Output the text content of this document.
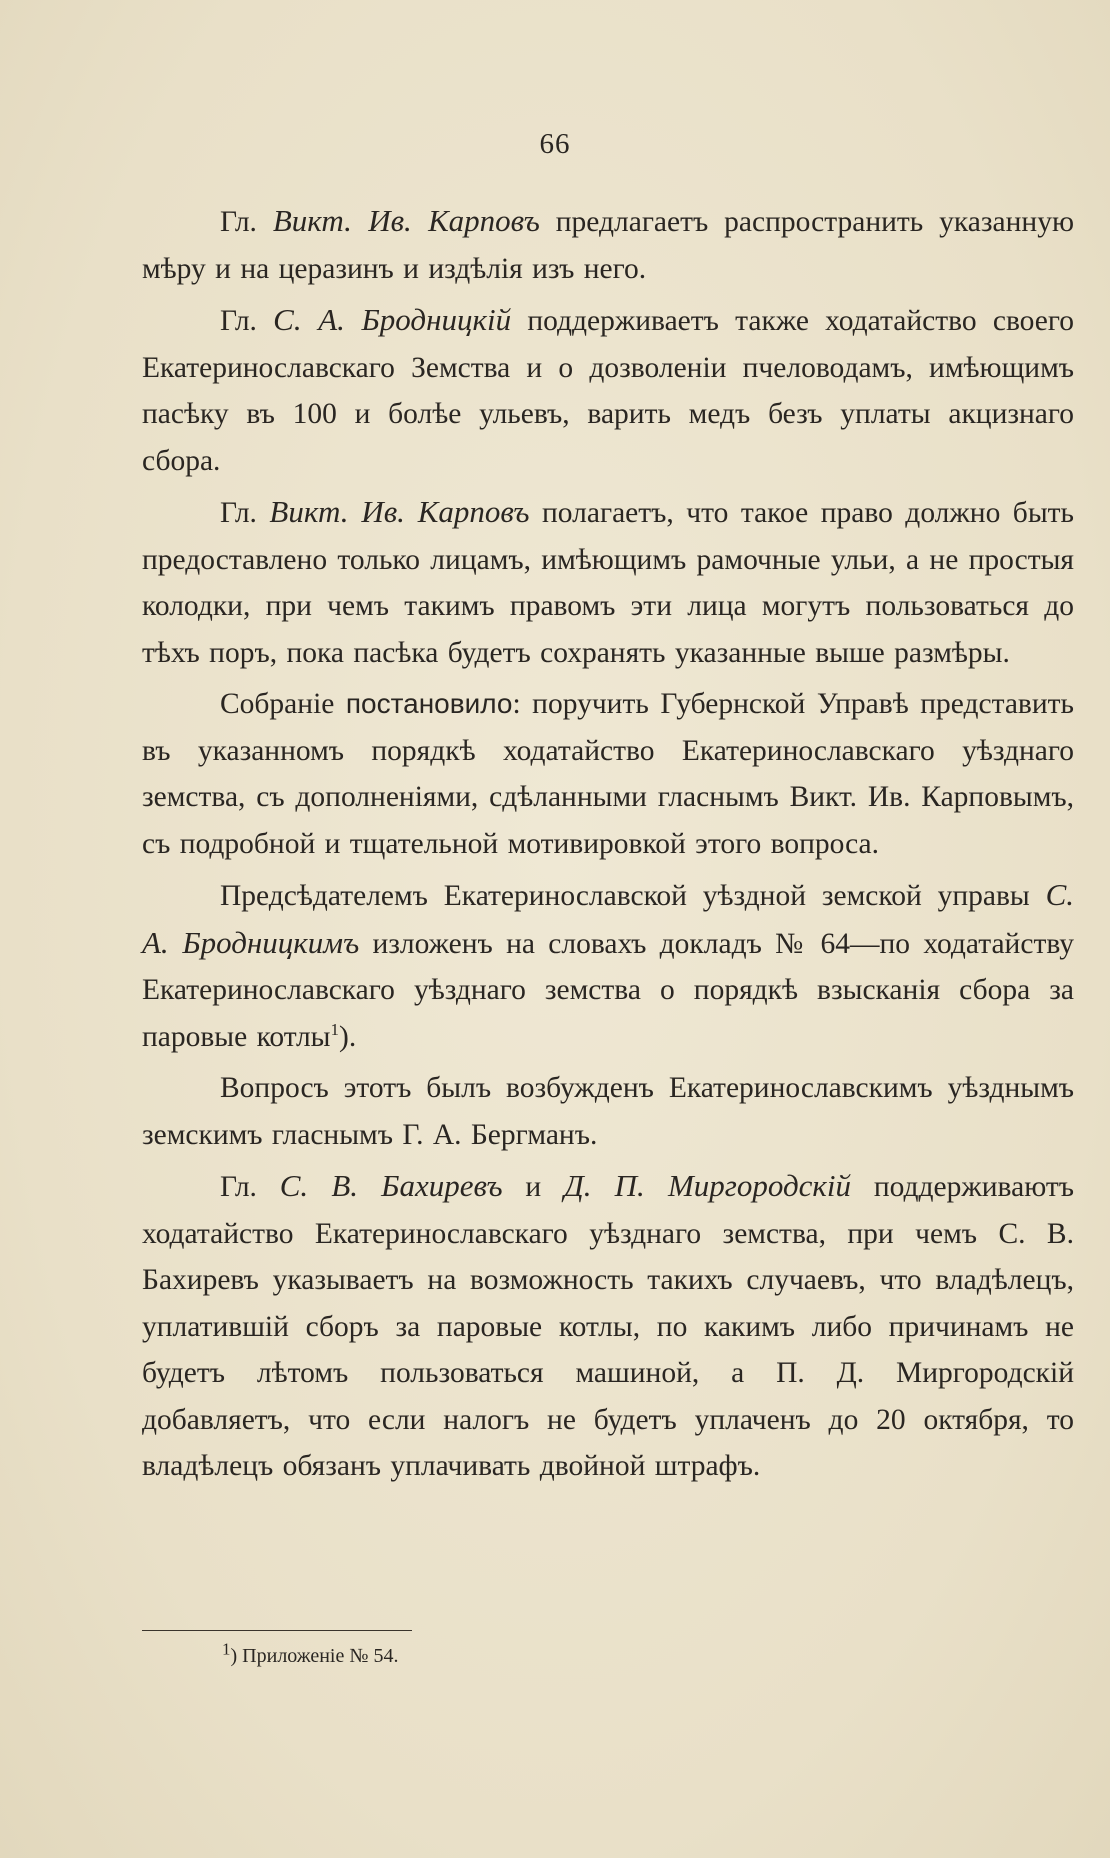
66

Гл. Викт. Ив. Карповъ предлагаетъ распространить указанную мѣру и на церазинъ и издѣлія изъ него.

Гл. С. А. Бродницкій поддерживаетъ также ходатайство своего Екатеринославскаго Земства и о дозволеніи пчеловодамъ, имѣющимъ пасѣку въ 100 и болѣе ульевъ, варить медъ безъ уплаты акцизнаго сбора.

Гл. Викт. Ив. Карповъ полагаетъ, что такое право должно быть предоставлено только лицамъ, имѣющимъ рамочные ульи, а не простыя колодки, при чемъ такимъ правомъ эти лица могутъ пользоваться до тѣхъ поръ, пока пасѣка будетъ сохранять указанные выше размѣры.

Собраніе постановило: поручить Губернской Управѣ представить въ указанномъ порядкѣ ходатайство Екатеринославскаго уѣзднаго земства, съ дополненіями, сдѣланными гласнымъ Викт. Ив. Карповымъ, съ подробной и тщательной мотивировкой этого вопроса.

Предсѣдателемъ Екатеринославской уѣздной земской управы С. А. Бродницкимъ изложенъ на словахъ докладъ № 64—по ходатайству Екатеринославскаго уѣзднаго земства о порядкѣ взысканія сбора за паровые котлы$^1$).

Вопросъ этотъ былъ возбужденъ Екатеринославскимъ уѣзднымъ земскимъ гласнымъ Г. А. Бергманъ.

Гл. С. В. Бахиревъ и Д. П. Миргородскій поддерживаютъ ходатайство Екатеринославскаго уѣзднаго земства, при чемъ С. В. Бахиревъ указываетъ на возможность такихъ случаевъ, что владѣлецъ, уплатившій сборъ за паровые котлы, по какимъ либо причинамъ не будетъ лѣтомъ пользоваться машиной, а П. Д. Миргородскій добавляетъ, что если налогъ не будетъ уплаченъ до 20 октября, то владѣлецъ обязанъ уплачивать двойной штрафъ.

$^1$) Приложеніе № 54.
